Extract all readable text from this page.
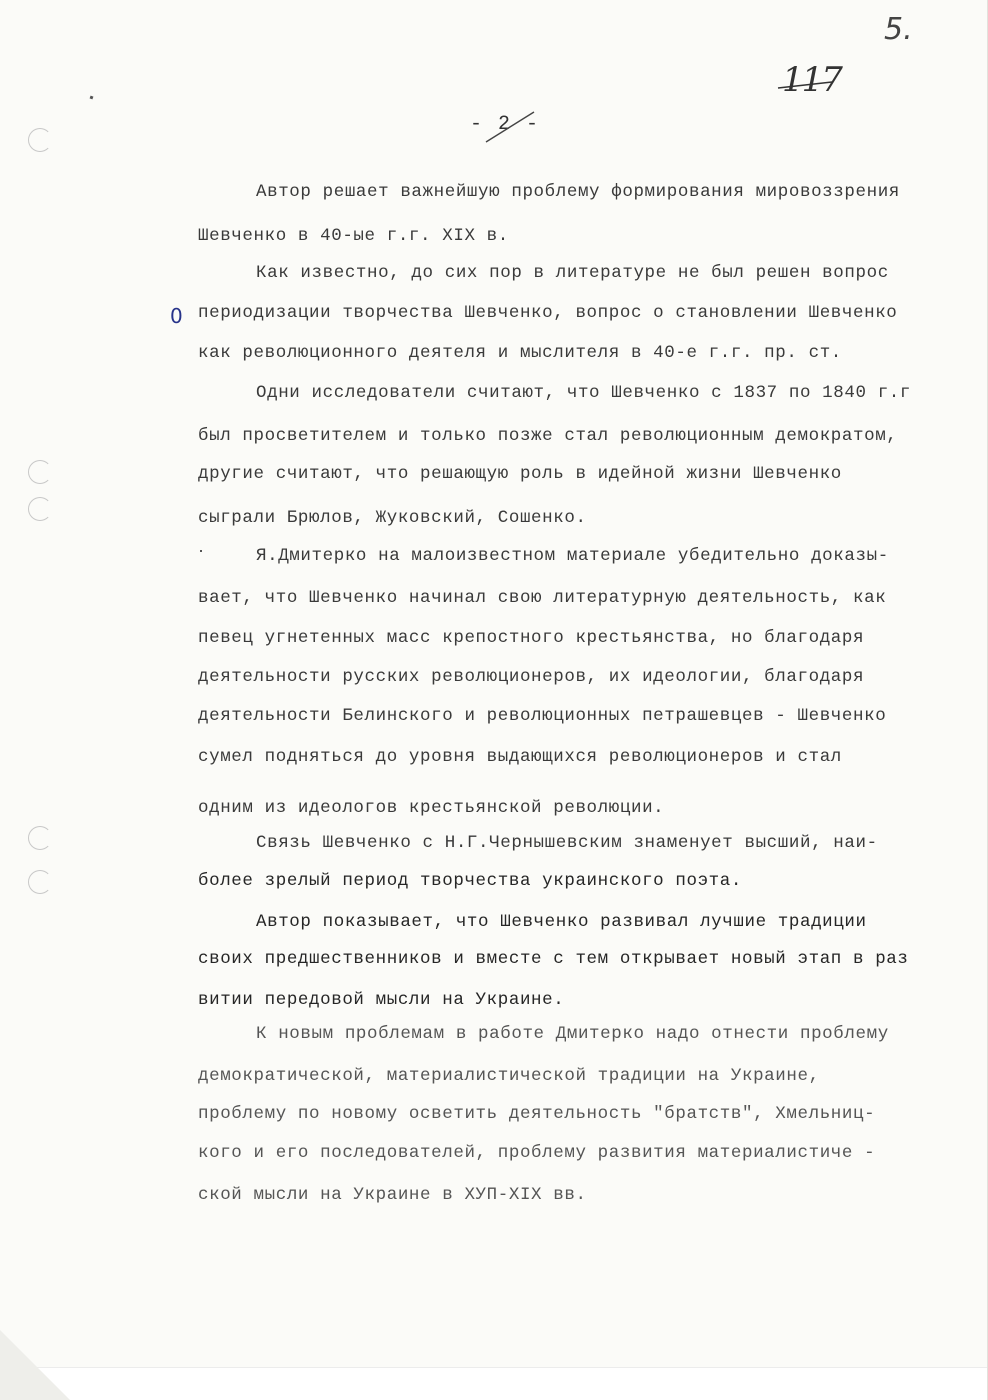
5.
117
- 2 -
0
Автор решает важнейшую проблему формирования мировоззрения
Шевченко в 40-ые г.г. XIX в.
Как известно, до сих пор в литературе не был решен вопрос
периодизации творчества Шевченко, вопрос о становлении Шевченко
как революционного деятеля и мыслителя в 40-е г.г. пр. ст.
Одни исследователи считают, что Шевченко с 1837 по 1840 г.г
был просветителем и только позже стал революционным демократом,
другие считают, что решающую роль в идейной жизни Шевченко
сыграли Брюлов, Жуковский, Сошенко.
Я.Дмитерко на малоизвестном материале убедительно доказы-
вает, что Шевченко начинал свою литературную деятельность, как
певец угнетенных масс крепостного крестьянства, но благодаря
деятельности русских революционеров, их идеологии, благодаря
деятельности Белинского и революционных петрашевцев - Шевченко
сумел подняться до уровня выдающихся революционеров и стал
одним из идеологов крестьянской революции.
Связь Шевченко с Н.Г.Чернышевским знаменует высший, наи-
более зрелый период творчества украинского поэта.
Автор показывает, что Шевченко развивал лучшие традиции
своих предшественников и вместе с тем открывает новый этап в раз
витии передовой мысли на Украине.
К новым проблемам в работе Дмитерко надо отнести проблему
демократической, материалистической традиции на Украине,
проблему по новому осветить деятельность "братств", Хмельниц-
кого и его последователей, проблему развития материалистиче -
ской мысли на Украине в XУП-XIX вв.
